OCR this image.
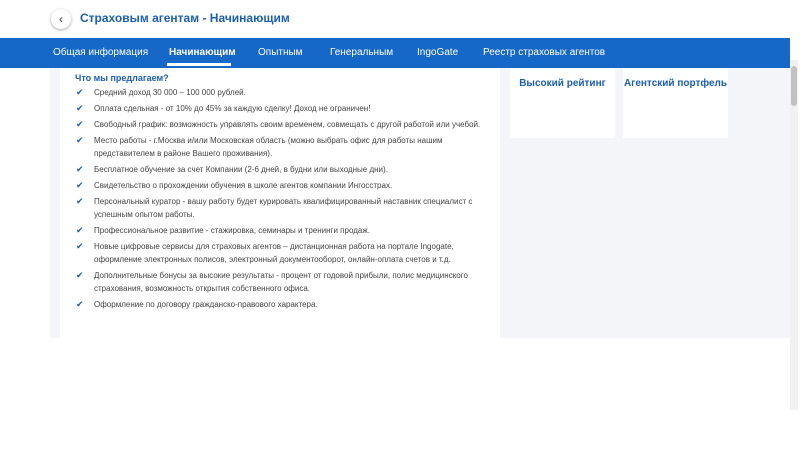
‹ Страховым агентам - Начинающим
Общая информация Начинающим Опытным	Генеральным IngoGate Реестр страховых агентов
Что мы предлагаем?
✔ Средний доход 30 000 – 100 000 рублей.
✔ Оплата сдельная - от 10% до 45% за каждую сделку! Доход не ограничен!
✔ Свободный график: возможность управлять своим временем, совмещать с другой работой или учебой.
✔ Место работы - г.Москва и/или Московская область (можно выбрать офис для работы нашим представителем в районе Вашего проживания).
✔ Бесплатное обучение за счет Компании (2-6 дней, в будни или выходные дни).
✔ Свидетельство о прохождении обучения в школе агентов компании Ингосстрах.
✔ Персональный куратор - вашу работу будет курировать квалифицированный наставник специалист с успешным опытом работы.
✔ Профессиональное развитие - стажировка, семинары и тренинги продаж.
✔ Новые цифровые сервисы для страховых агентов – дистанционная работа на портале Ingogate, оформление электронных полисов, электронный документооборот, онлайн-оплата счетов и т.д.
✔ Дополнительные бонусы за высокие результаты - процент от годовой прибыли, полис медицинского страхования, возможность открытия собственного офиса.
✔ Оформление по договору гражданско-правового характера.
Высокий рейтинг	Агентский портфель
